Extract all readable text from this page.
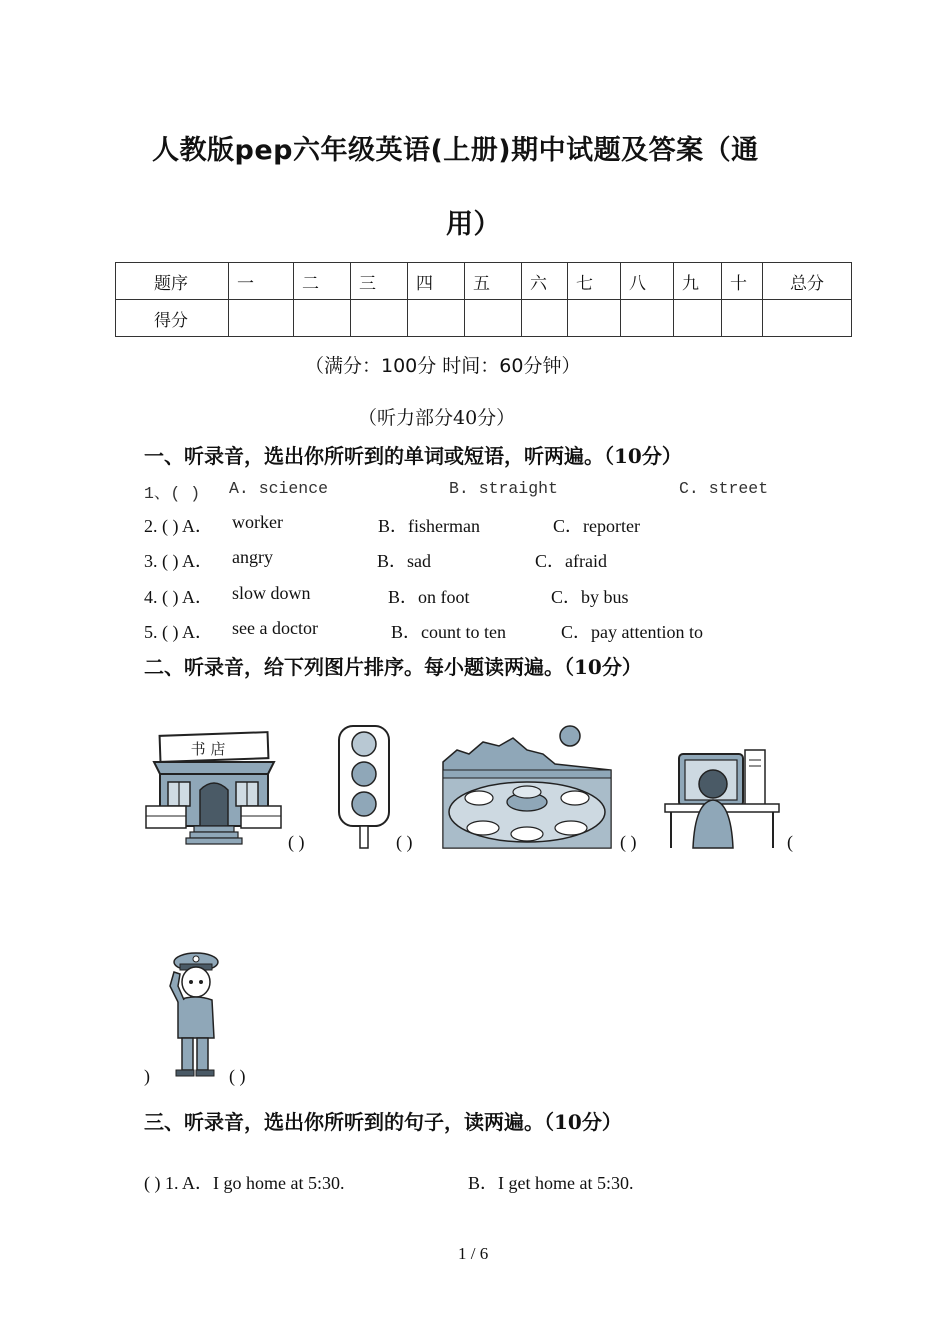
人教版pep六年级英语(上册)期中试题及答案（通
用）
题序	一	二	三	四	五	六	七	八	九	十	总分
得分											
（满分：100分 时间：60分钟）
（听力部分40分）
一、听录音，选出你所听到的单词或短语，听两遍。（10分）
1、( ) A. science	B. straight	C. street
2. ( ) A． worker	B．fisherman	C．reporter
3. ( ) A． angry	B．sad	C．afraid
4. ( ) A． slow down	B．on foot	C．by bus
5. ( ) A． see a doctor	B．count to ten	C．pay attention to
二、听录音，给下列图片排序。每小题读两遍。（10分）
书 店
( )	( )	( )	(
)	( )
三、听录音，选出你所听到的句子，读两遍。（10分）
( ) 1. A．I go home at 5:30.	B．I get home at 5:30.
1 / 6
